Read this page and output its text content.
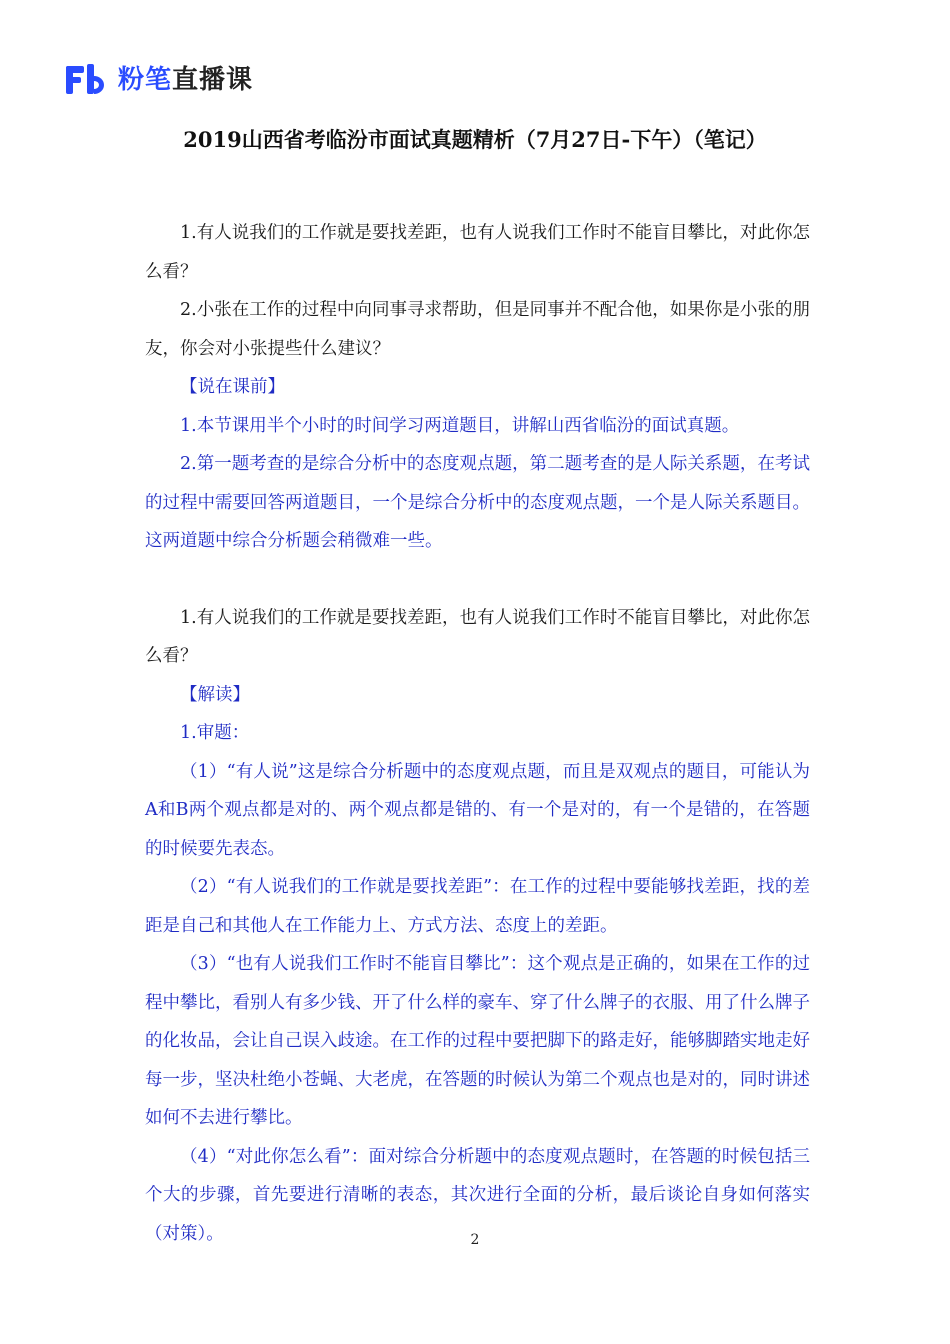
粉笔直播课
2019山西省考临汾市面试真题精析（7月27日-下午）（笔记）

1.有人说我们的工作就是要找差距，也有人说我们工作时不能盲目攀比，对此你怎么看？

2.小张在工作的过程中向同事寻求帮助，但是同事并不配合他，如果你是小张的朋友，你会对小张提些什么建议？

【说在课前】

1.本节课用半个小时的时间学习两道题目，讲解山西省临汾的面试真题。

2.第一题考查的是综合分析中的态度观点题，第二题考查的是人际关系题，在考试的过程中需要回答两道题目，一个是综合分析中的态度观点题，一个是人际关系题目。这两道题中综合分析题会稍微难一些。

1.有人说我们的工作就是要找差距，也有人说我们工作时不能盲目攀比，对此你怎么看？

【解读】

1.审题：

（1）“有人说”这是综合分析题中的态度观点题，而且是双观点的题目，可能认为A和B两个观点都是对的、两个观点都是错的、有一个是对的，有一个是错的，在答题的时候要先表态。

（2）“有人说我们的工作就是要找差距”：在工作的过程中要能够找差距，找的差距是自己和其他人在工作能力上、方式方法、态度上的差距。

（3）“也有人说我们工作时不能盲目攀比”：这个观点是正确的，如果在工作的过程中攀比，看别人有多少钱、开了什么样的豪车、穿了什么牌子的衣服、用了什么牌子的化妆品，会让自己误入歧途。在工作的过程中要把脚下的路走好，能够脚踏实地走好每一步，坚决杜绝小苍蝇、大老虎，在答题的时候认为第二个观点也是对的，同时讲述如何不去进行攀比。

（4）“对此你怎么看”：面对综合分析题中的态度观点题时，在答题的时候包括三个大的步骤，首先要进行清晰的表态，其次进行全面的分析，最后谈论自身如何落实（对策）。	2
